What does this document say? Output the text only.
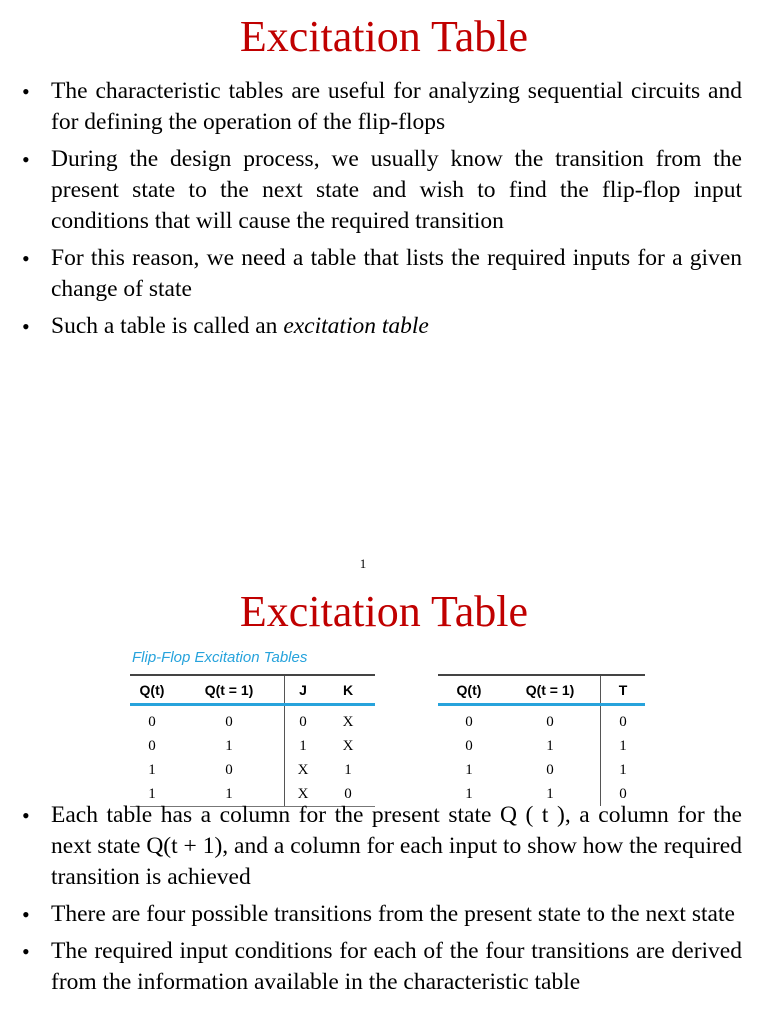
Excitation Table
• The characteristic tables are useful for analyzing sequential circuits and for defining the operation of the flip-flops
• During the design process, we usually know the transition from the present state to the next state and wish to find the flip-flop input conditions that will cause the required transition
• For this reason, we need a table that lists the required inputs for a given change of state
• Such a table is called an excitation table
1
Excitation Table
Flip-Flop Excitation Tables
Q(t)	Q(t = 1)	J	K
0	0	0	X
0	1	1	X
1	0	X	1
1	1	X	0
Q(t)	Q(t = 1)	T
0	0	0
0	1	1
1	0	1
1	1	0
• Each table has a column for the present state Q ( t ), a column for the next state Q(t + 1), and a column for each input to show how the required transition is achieved
• There are four possible transitions from the present state to the next state
• The required input conditions for each of the four transitions are derived from the information available in the characteristic table
